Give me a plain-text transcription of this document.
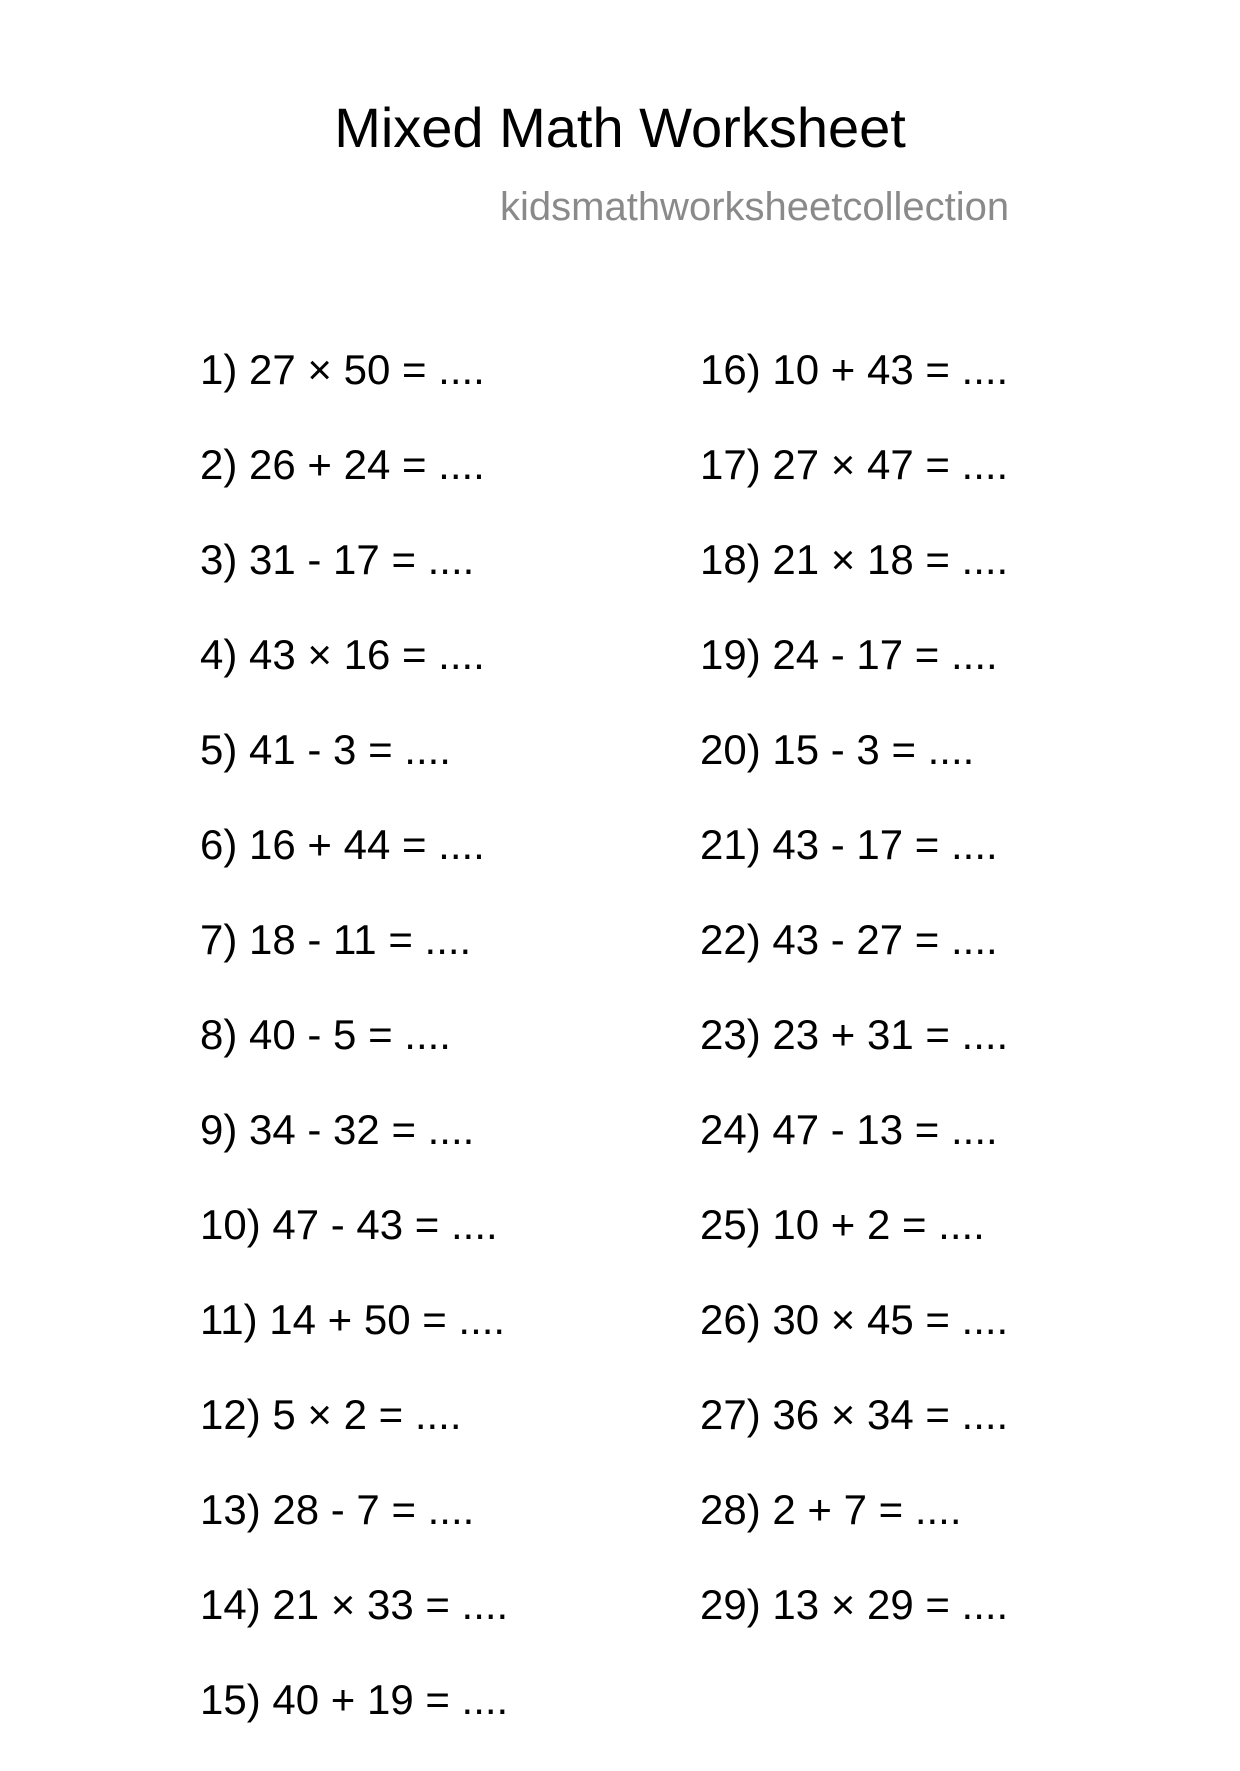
Mixed Math Worksheet
kidsmathworksheetcollection
1) 27 × 50 = ....
2) 26 + 24 = ....
3) 31 - 17 = ....
4) 43 × 16 = ....
5) 41 - 3 = ....
6) 16 + 44 = ....
7) 18 - 11 = ....
8) 40 - 5 = ....
9) 34 - 32 = ....
10) 47 - 43 = ....
11) 14 + 50 = ....
12) 5 × 2 = ....
13) 28 - 7 = ....
14) 21 × 33 = ....
15) 40 + 19 = ....
16) 10 + 43 = ....
17) 27 × 47 = ....
18) 21 × 18 = ....
19) 24 - 17 = ....
20) 15 - 3 = ....
21) 43 - 17 = ....
22) 43 - 27 = ....
23) 23 + 31 = ....
24) 47 - 13 = ....
25) 10 + 2 = ....
26) 30 × 45 = ....
27) 36 × 34 = ....
28) 2 + 7 = ....
29) 13 × 29 = ....
